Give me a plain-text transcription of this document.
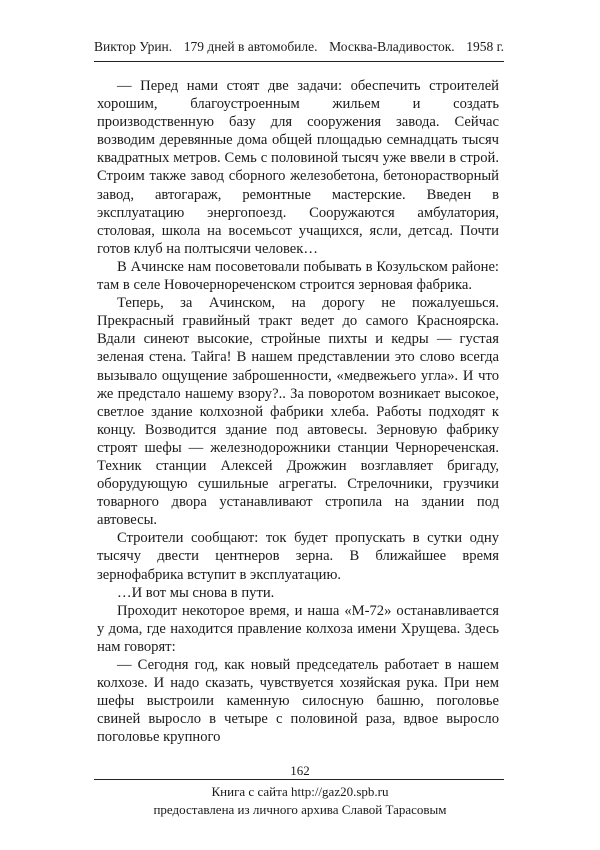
Виктор Урин. 179 дней в автомобиле. Москва-Владивосток. 1958 г.

— Перед нами стоят две задачи: обеспечить строителей хорошим, благоустроенным жильем и создать производственную базу для сооружения завода. Сейчас возводим деревянные дома общей площадью семнадцать тысяч квадратных метров. Семь с половиной тысяч уже ввели в строй. Строим также завод сборного железобетона, бетонорастворный завод, автогараж, ремонтные мастерские. Введен в эксплуатацию энергопоезд. Сооружаются амбулатория, столовая, школа на восемьсот учащихся, ясли, детсад. Почти готов клуб на полтысячи человек…

В Ачинске нам посоветовали побывать в Козульском районе: там в селе Новочернореченском строится зерновая фабрика.

Теперь, за Ачинском, на дорогу не пожалуешься. Прекрасный гравийный тракт ведет до самого Красноярска. Вдали синеют высокие, стройные пихты и кедры — густая зеленая стена. Тайга! В нашем представлении это слово всегда вызывало ощущение заброшенности, «медвежьего угла». И что же предстало нашему взору?.. За поворотом возникает высокое, светлое здание колхозной фабрики хлеба. Работы подходят к концу. Возводится здание под автовесы. Зерновую фабрику строят шефы — железнодорожники станции Чернореченская. Техник станции Алексей Дрожжин возглавляет бригаду, оборудующую сушильные агрегаты. Стрелочники, грузчики товарного двора устанавливают стропила на здании под автовесы.

Строители сообщают: ток будет пропускать в сутки одну тысячу двести центнеров зерна. В ближайшее время зернофабрика вступит в эксплуатацию.

…И вот мы снова в пути.

Проходит некоторое время, и наша «М-72» останавливается у дома, где находится правление колхоза имени Хрущева. Здесь нам говорят:

— Сегодня год, как новый председатель работает в нашем колхозе. И надо сказать, чувствуется хозяйская рука. При нем шефы выстроили каменную силосную башню, поголовье свиней выросло в четыре с половиной раза, вдвое выросло поголовье крупного

162
Книга с сайта http://gaz20.spb.ru
предоставлена из личного архива Славой Тарасовым
